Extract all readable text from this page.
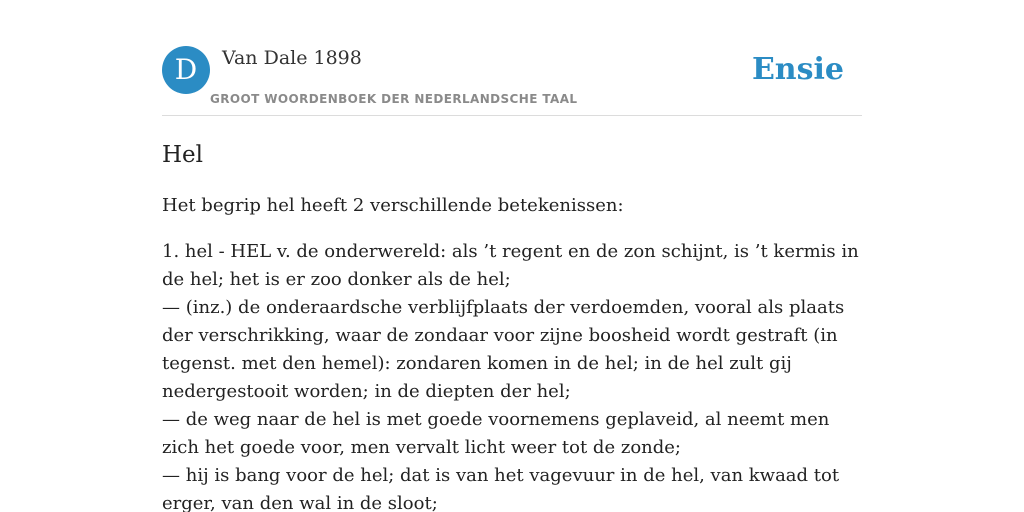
D	Van Dale 1898
GROOT WOORDENBOEK DER NEDERLANDSCHE TAAL
Ensie
Hel

Het begrip hel heeft 2 verschillende betekenissen:

1. hel - HEL v. de onderwereld: als ’t regent en de zon schijnt, is ’t kermis in de hel; het is er zoo donker als de hel;
— (inz.) de onderaardsche verblijfplaats der verdoemden, vooral als plaats der verschrikking, waar de zondaar voor zijne boosheid wordt gestraft (in tegenst. met den hemel): zondaren komen in de hel; in de hel zult gij nedergestooit worden; in de diepten der hel;
— de weg naar de hel is met goede voornemens geplaveid, al neemt men zich het goede voor, men vervalt licht weer tot de zonde;
— hij is bang voor de hel; dat is van het vagevuur in de hel, van kwaad tot erger, van den wal in de sloot;
